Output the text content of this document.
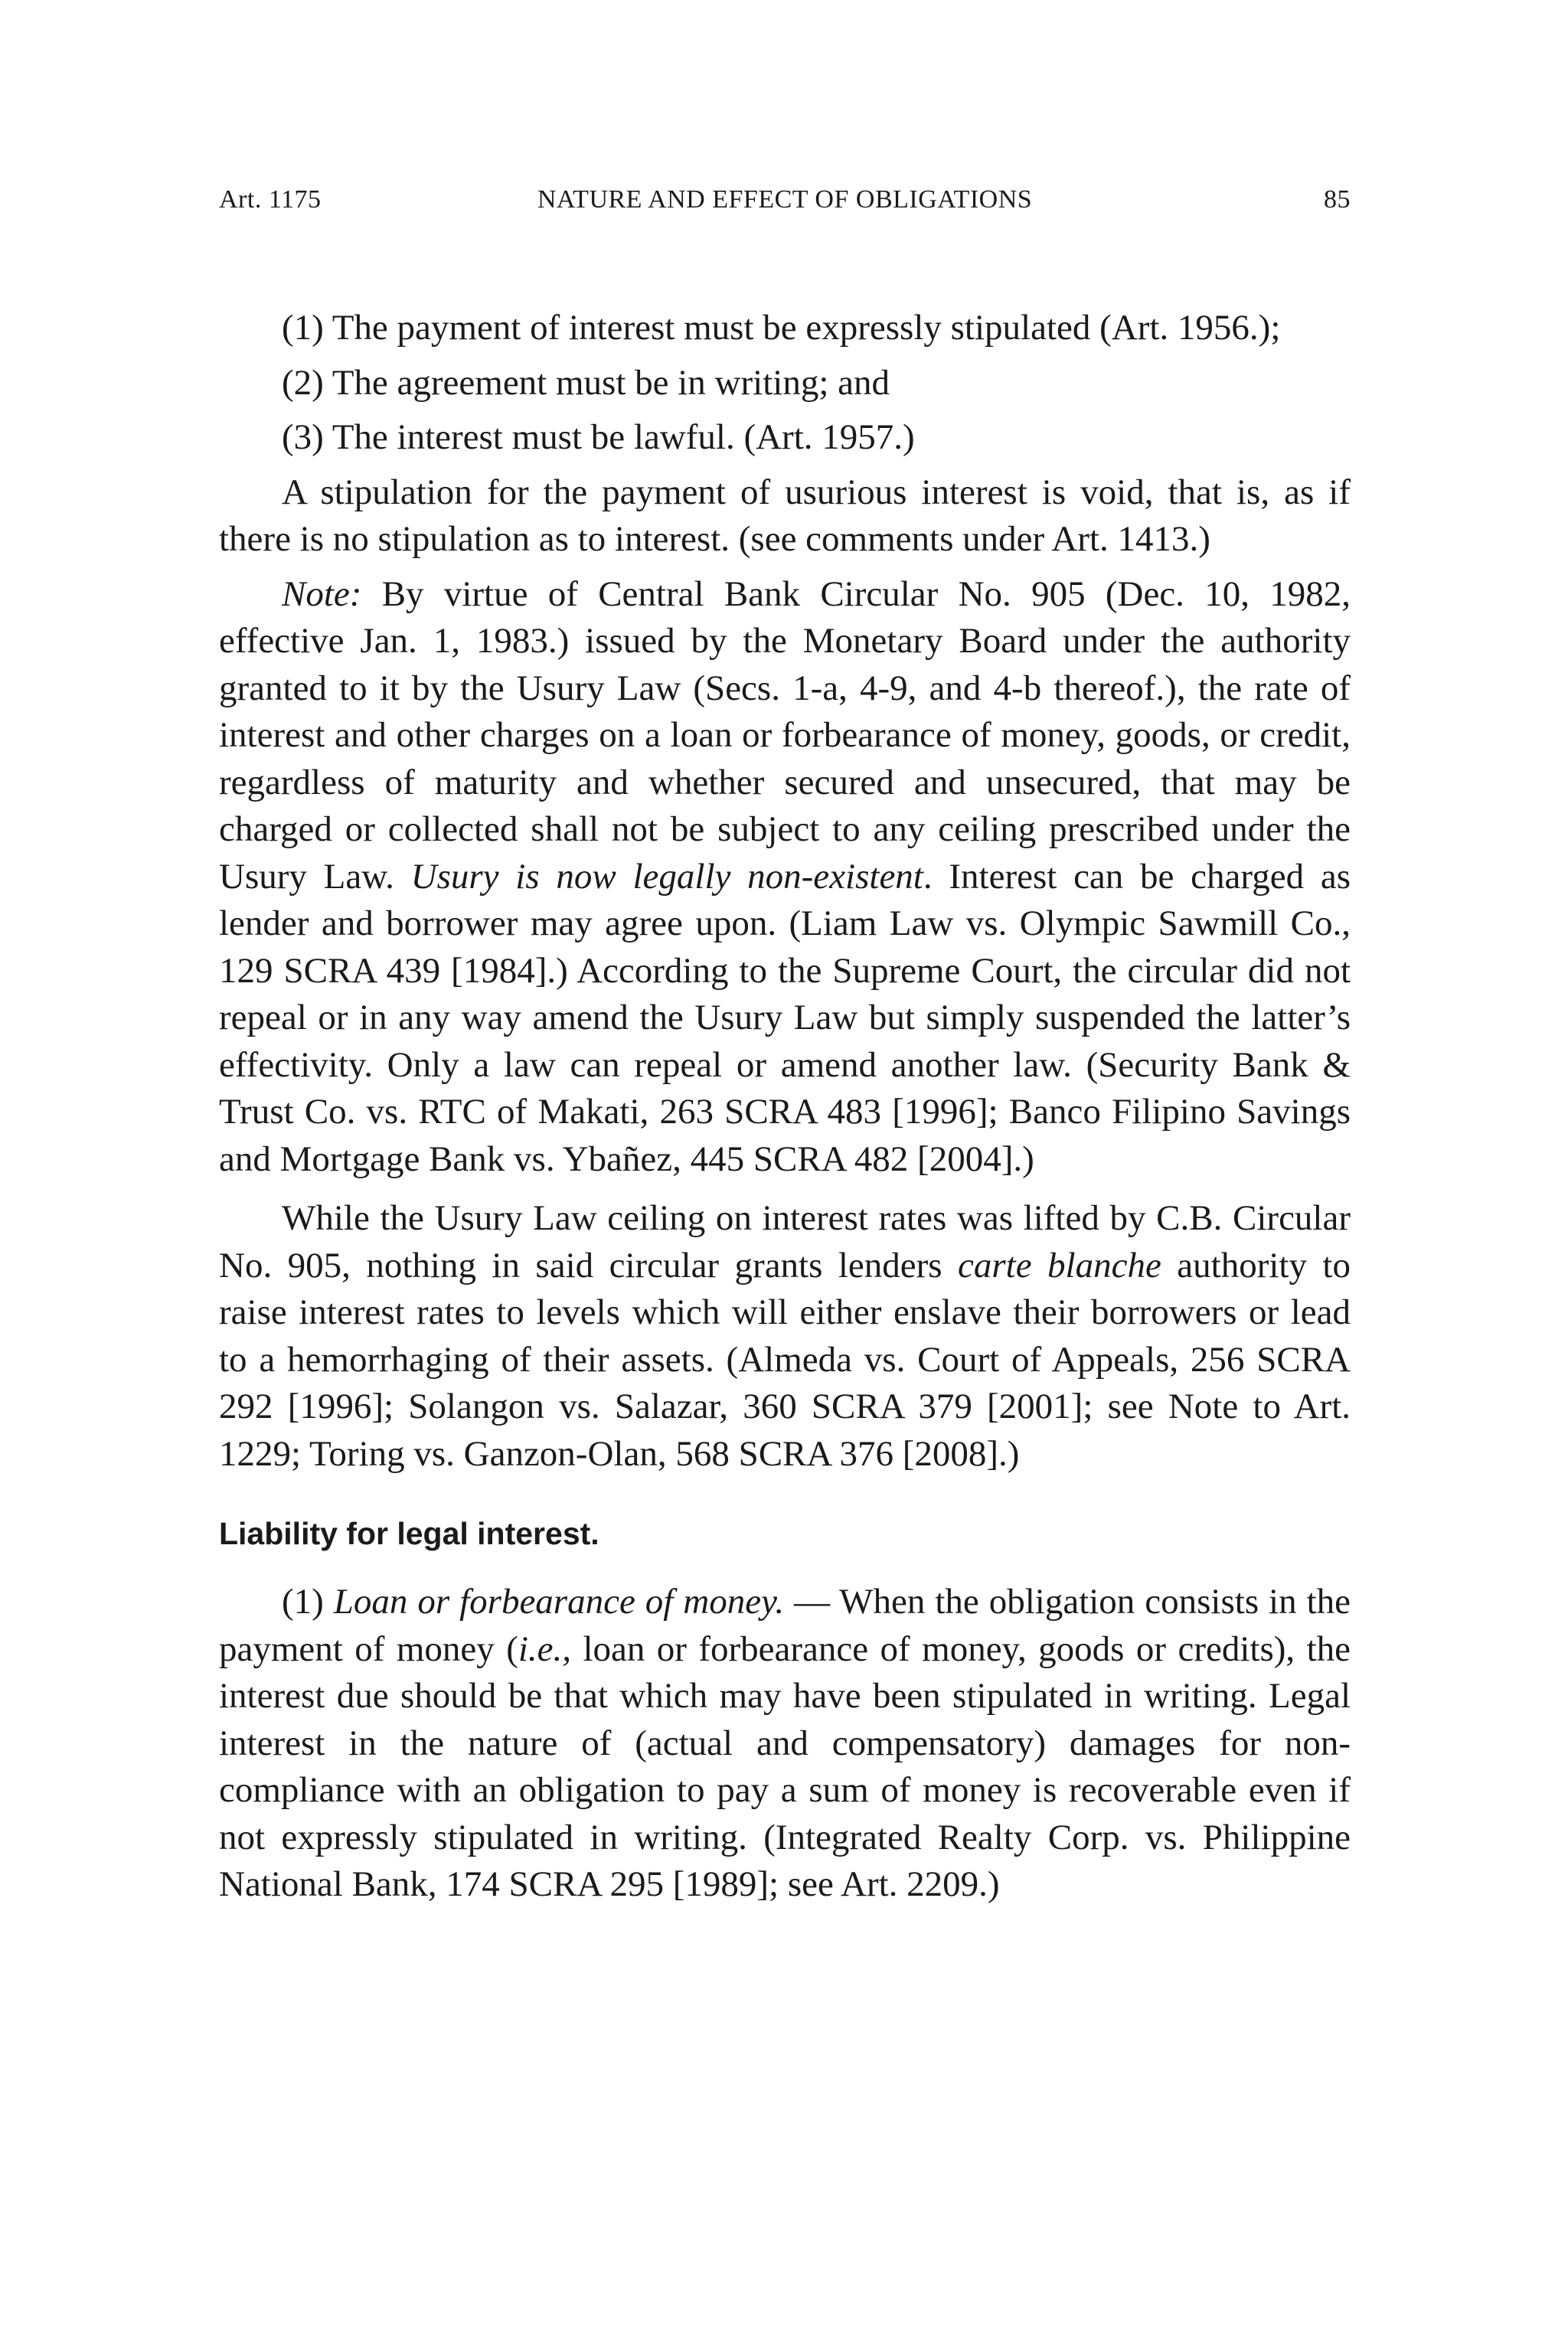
Art. 1175	NATURE AND EFFECT OF OBLIGATIONS	85

(1) The payment of interest must be expressly stipulated (Art. 1956.);

(2) The agreement must be in writing; and

(3) The interest must be lawful. (Art. 1957.)

A stipulation for the payment of usurious interest is void, that is, as if there is no stipulation as to interest. (see comments under Art. 1413.)

Note: By virtue of Central Bank Circular No. 905 (Dec. 10, 1982, effective Jan. 1, 1983.) issued by the Monetary Board under the authority granted to it by the Usury Law (Secs. 1-a, 4-9, and 4-b thereof.), the rate of interest and other charges on a loan or forbearance of money, goods, or credit, regardless of maturity and whether secured and unsecured, that may be charged or collected shall not be subject to any ceiling prescribed under the Usury Law. Usury is now legally non-existent. Interest can be charged as lender and borrower may agree upon. (Liam Law vs. Olympic Sawmill Co., 129 SCRA 439 [1984].) According to the Supreme Court, the circular did not repeal or in any way amend the Usury Law but simply suspended the latter’s effectivity. Only a law can repeal or amend another law. (Security Bank & Trust Co. vs. RTC of Makati, 263 SCRA 483 [1996]; Banco Filipino Savings and Mortgage Bank vs. Ybañez, 445 SCRA 482 [2004].)

While the Usury Law ceiling on interest rates was lifted by C.B. Circular No. 905, nothing in said circular grants lenders carte blanche authority to raise interest rates to levels which will either enslave their borrowers or lead to a hemorrhaging of their assets. (Almeda vs. Court of Appeals, 256 SCRA 292 [1996]; Solangon vs. Salazar, 360 SCRA 379 [2001]; see Note to Art. 1229; Toring vs. Ganzon-Olan, 568 SCRA 376 [2008].)

Liability for legal interest.

(1) Loan or forbearance of money. — When the obligation consists in the payment of money (i.e., loan or forbearance of money, goods or credits), the interest due should be that which may have been stipulated in writing. Legal interest in the nature of (actual and compensatory) damages for non-compliance with an obligation to pay a sum of money is recoverable even if not expressly stipulated in writing. (Integrated Realty Corp. vs. Philippine National Bank, 174 SCRA 295 [1989]; see Art. 2209.)
